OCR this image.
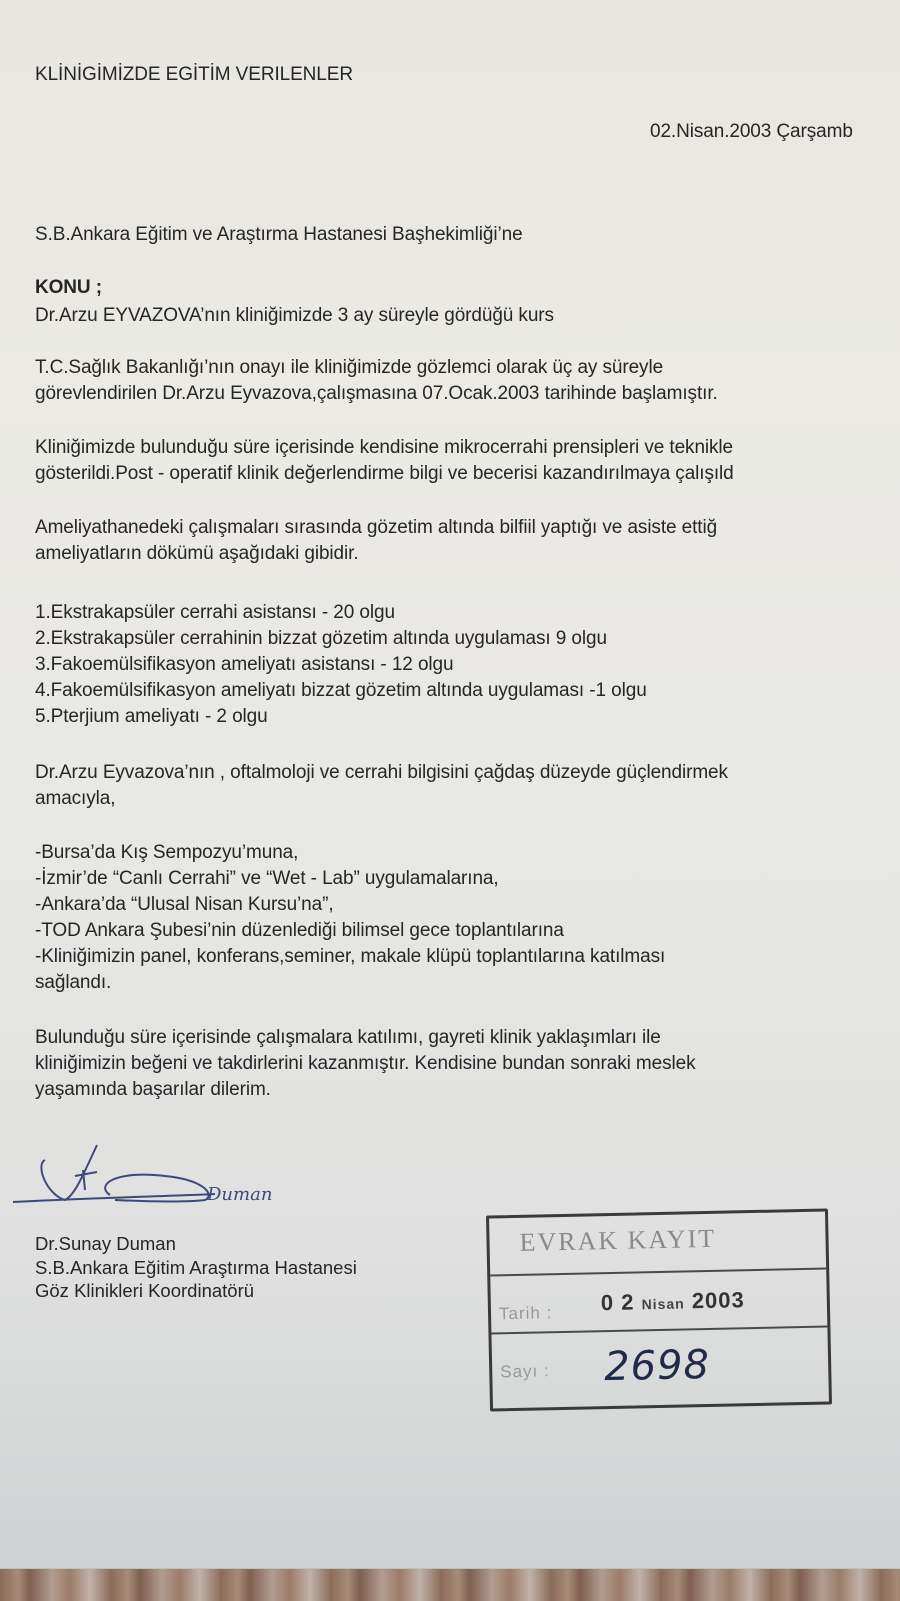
KLİNİGİMİZDE EGİTİM VERILENLER
02.Nisan.2003 Çarşamb
S.B.Ankara Eğitim ve Araştırma Hastanesi Başhekimliği’ne
KONU ;
Dr.Arzu EYVAZOVA’nın kliniğimizde 3 ay süreyle gördüğü kurs
T.C.Sağlık Bakanlığı’nın onayı ile kliniğimizde gözlemci olarak üç ay süreyle
görevlendirilen Dr.Arzu Eyvazova,çalışmasına 07.Ocak.2003 tarihinde başlamıştır.
Kliniğimizde bulunduğu süre içerisinde kendisine mikrocerrahi prensipleri ve teknikle
gösterildi.Post - operatif klinik değerlendirme bilgi ve becerisi kazandırılmaya çalışıld
Ameliyathanedeki çalışmaları sırasında gözetim altında bilfiil yaptığı ve asiste ettiğ
ameliyatların dökümü aşağıdaki gibidir.
1.Ekstrakapsüler cerrahi asistansı - 20 olgu
2.Ekstrakapsüler cerrahinin bizzat gözetim altında uygulaması 9 olgu
3.Fakoemülsifikasyon ameliyatı asistansı - 12 olgu
4.Fakoemülsifikasyon ameliyatı bizzat gözetim altında uygulaması -1 olgu
5.Pterjium ameliyatı - 2 olgu
Dr.Arzu Eyvazova’nın , oftalmoloji ve cerrahi bilgisini çağdaş düzeyde güçlendirmek
amacıyla,
-Bursa’da Kış Sempozyu’muna,
-İzmir’de “Canlı Cerrahi” ve “Wet - Lab” uygulamalarına,
-Ankara’da “Ulusal Nisan Kursu’na”,
-TOD Ankara Şubesi’nin düzenlediği bilimsel gece toplantılarına
-Kliniğimizin panel, konferans,seminer, makale klüpü toplantılarına katılması
sağlandı.
Bulunduğu süre içerisinde çalışmalara katılımı, gayreti klinik yaklaşımları ile
kliniğimizin beğeni ve takdirlerini kazanmıştır. Kendisine bundan sonraki meslek
yaşamında başarılar dilerim.
Duman
Dr.Sunay Duman
S.B.Ankara Eğitim Araştırma Hastanesi
Göz Klinikleri Koordinatörü
EVRAK KAYIT
Tarih : 0 2 Nisan 2003
Sayı : 2698
